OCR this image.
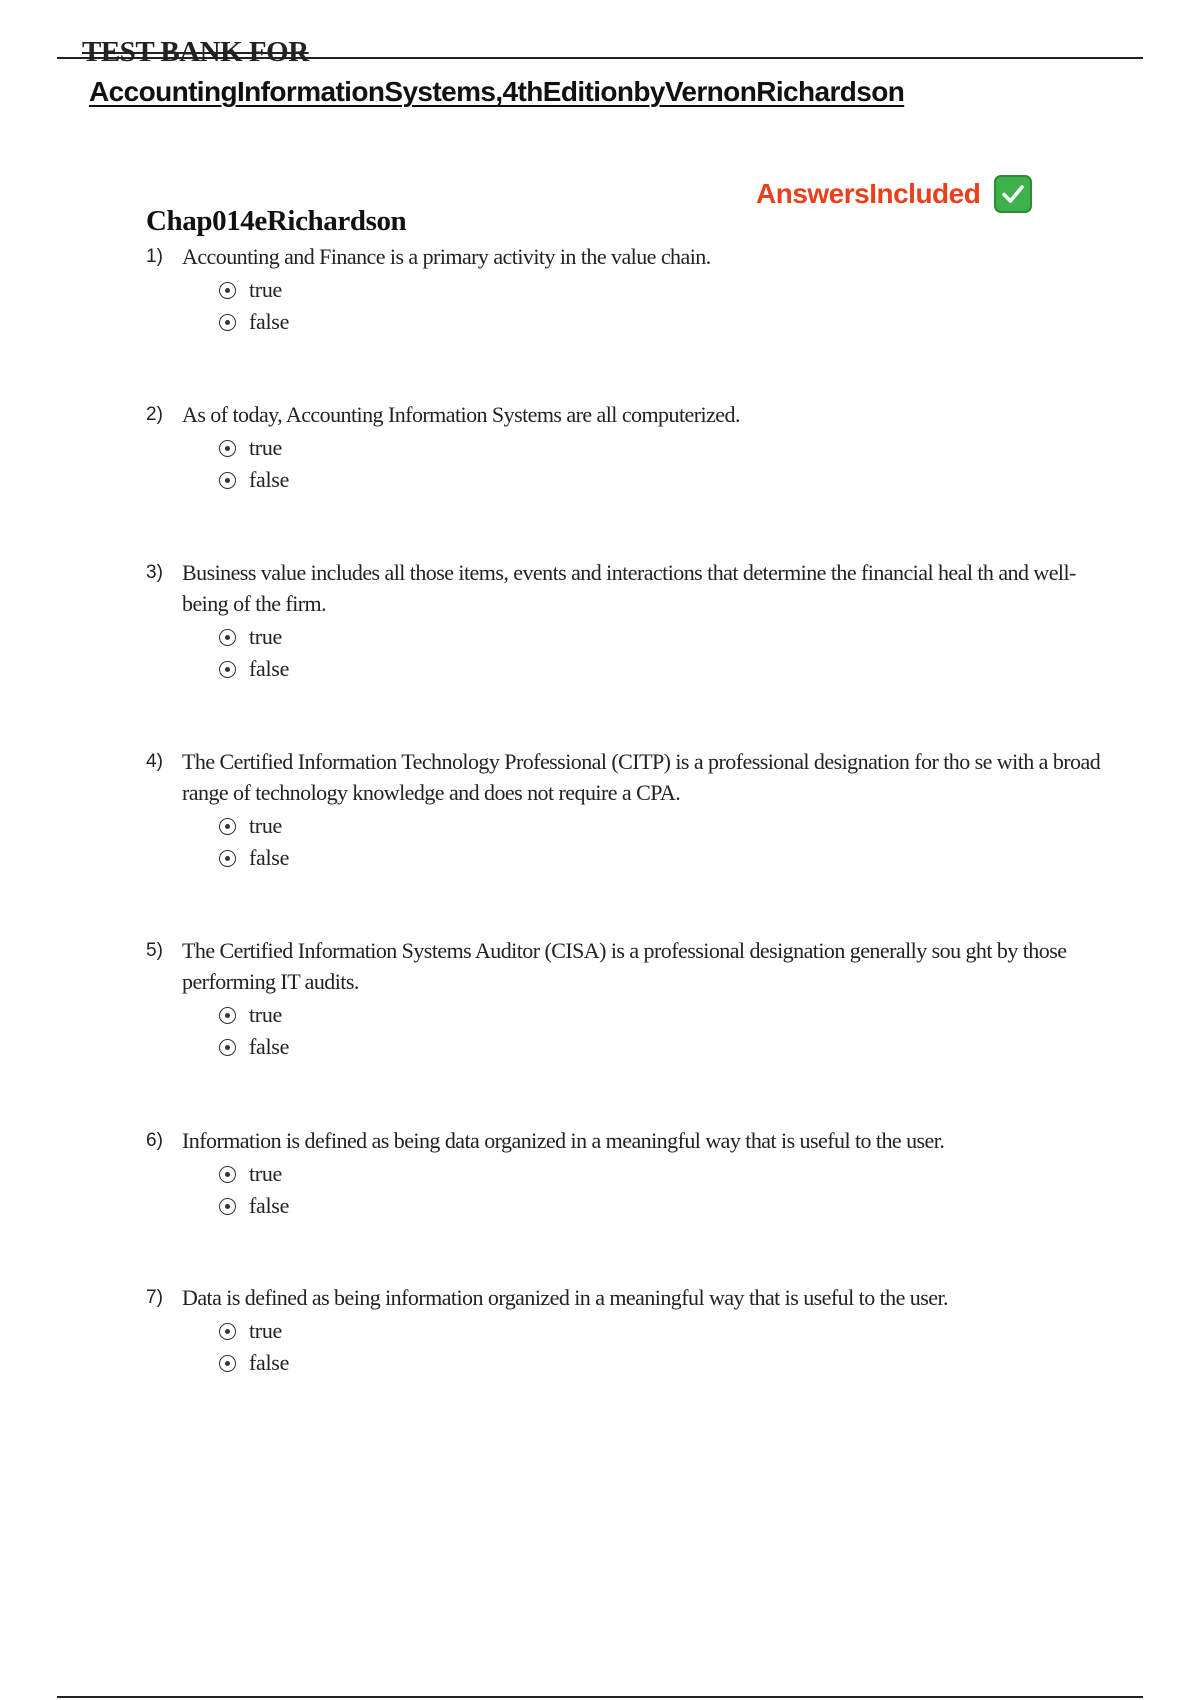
TEST BANK FOR
AccountingInformationSystems,4thEditionbyVernonRichardson
AnswersIncluded
Chap014eRichardson
1) Accounting and Finance is a primary activity in the value chain.
true
false
2) As of today, Accounting Information Systems are all computerized.
true
false
3) Business value includes all those items, events and interactions that determine the financial heal th and well-being of the firm.
true
false
4) The Certified Information Technology Professional (CITP) is a professional designation for tho se with a broad range of technology knowledge and does not require a CPA.
true
false
5) The Certified Information Systems Auditor (CISA) is a professional designation generally sou ght by those performing IT audits.
true
false
6) Information is defined as being data organized in a meaningful way that is useful to the user.
true
false
7) Data is defined as being information organized in a meaningful way that is useful to the user.
true
false
